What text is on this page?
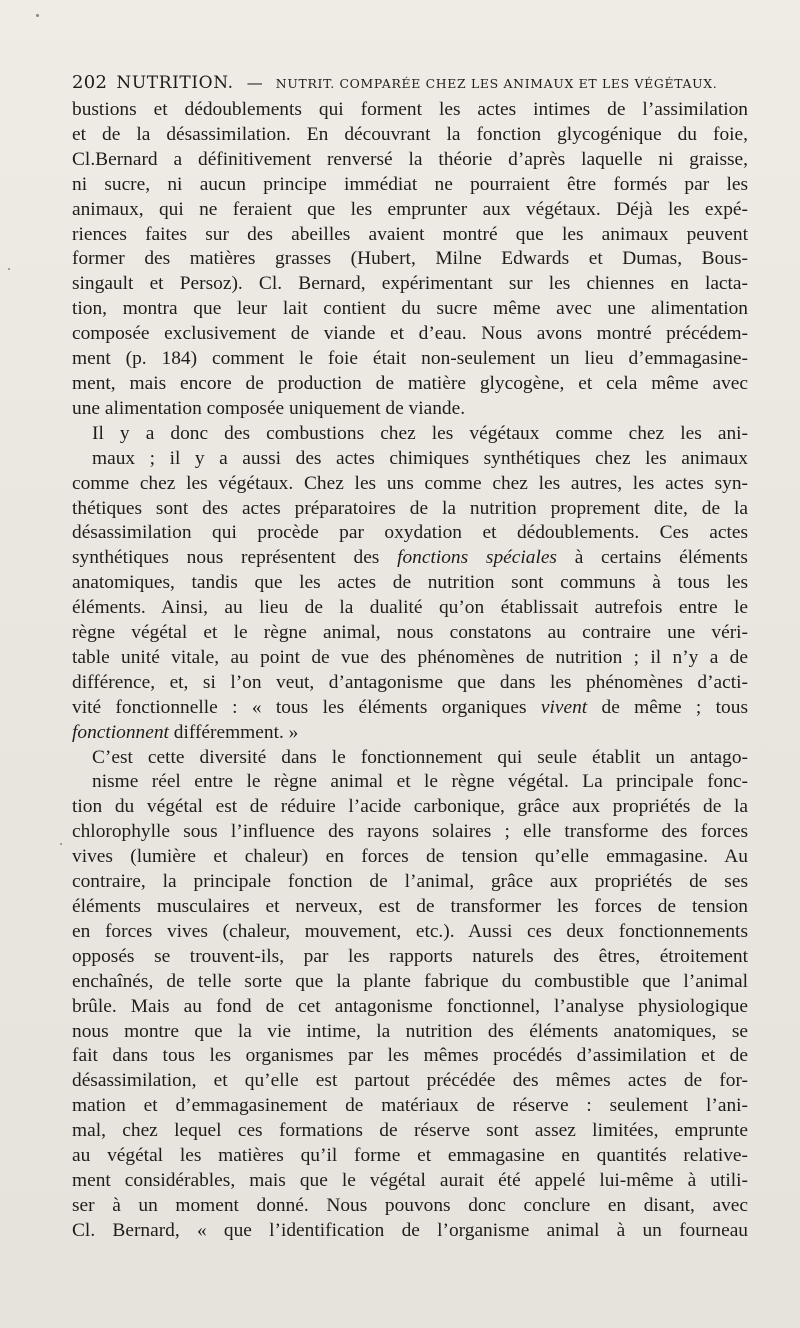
202 NUTRITION. — NUTRIT. COMPARÉE CHEZ LES ANIMAUX ET LES VÉGÉTAUX.

bustions et dédoublements qui forment les actes intimes de l’assimilation
et de la désassimilation. En découvrant la fonction glycogénique du foie,
Cl.Bernard a définitivement renversé la théorie d’après laquelle ni graisse,
ni sucre, ni aucun principe immédiat ne pourraient être formés par les
animaux, qui ne feraient que les emprunter aux végétaux. Déjà les expé-
riences faites sur des abeilles avaient montré que les animaux peuvent
former des matières grasses (Hubert, Milne Edwards et Dumas, Bous-
singault et Persoz). Cl. Bernard, expérimentant sur les chiennes en lacta-
tion, montra que leur lait contient du sucre même avec une alimentation
composée exclusivement de viande et d’eau. Nous avons montré précédem-
ment (p. 184) comment le foie était non-seulement un lieu d’emmagasine-
ment, mais encore de production de matière glycogène, et cela même avec
une alimentation composée uniquement de viande.

Il y a donc des combustions chez les végétaux comme chez les ani-
maux ; il y a aussi des actes chimiques synthétiques chez les animaux
comme chez les végétaux. Chez les uns comme chez les autres, les actes syn-
thétiques sont des actes préparatoires de la nutrition proprement dite, de la
désassimilation qui procède par oxydation et dédoublements. Ces actes
synthétiques nous représentent des fonctions spéciales à certains éléments
anatomiques, tandis que les actes de nutrition sont communs à tous les
éléments. Ainsi, au lieu de la dualité qu’on établissait autrefois entre le
règne végétal et le règne animal, nous constatons au contraire une véri-
table unité vitale, au point de vue des phénomènes de nutrition ; il n’y a de
différence, et, si l’on veut, d’antagonisme que dans les phénomènes d’acti-
vité fonctionnelle : « tous les éléments organiques vivent de même ; tous
fonctionnent différemment. »

C’est cette diversité dans le fonctionnement qui seule établit un antago-
nisme réel entre le règne animal et le règne végétal. La principale fonc-
tion du végétal est de réduire l’acide carbonique, grâce aux propriétés de la
chlorophylle sous l’influence des rayons solaires ; elle transforme des forces
vives (lumière et chaleur) en forces de tension qu’elle emmagasine. Au
contraire, la principale fonction de l’animal, grâce aux propriétés de ses
éléments musculaires et nerveux, est de transformer les forces de tension
en forces vives (chaleur, mouvement, etc.). Aussi ces deux fonctionnements
opposés se trouvent-ils, par les rapports naturels des êtres, étroitement
enchaînés, de telle sorte que la plante fabrique du combustible que l’animal
brûle. Mais au fond de cet antagonisme fonctionnel, l’analyse physiologique
nous montre que la vie intime, la nutrition des éléments anatomiques, se
fait dans tous les organismes par les mêmes procédés d’assimilation et de
désassimilation, et qu’elle est partout précédée des mêmes actes de for-
mation et d’emmagasinement de matériaux de réserve : seulement l’ani-
mal, chez lequel ces formations de réserve sont assez limitées, emprunte
au végétal les matières qu’il forme et emmagasine en quantités relative-
ment considérables, mais que le végétal aurait été appelé lui-même à utili-
ser à un moment donné. Nous pouvons donc conclure en disant, avec
Cl. Bernard, « que l’identification de l’organisme animal à un fourneau
